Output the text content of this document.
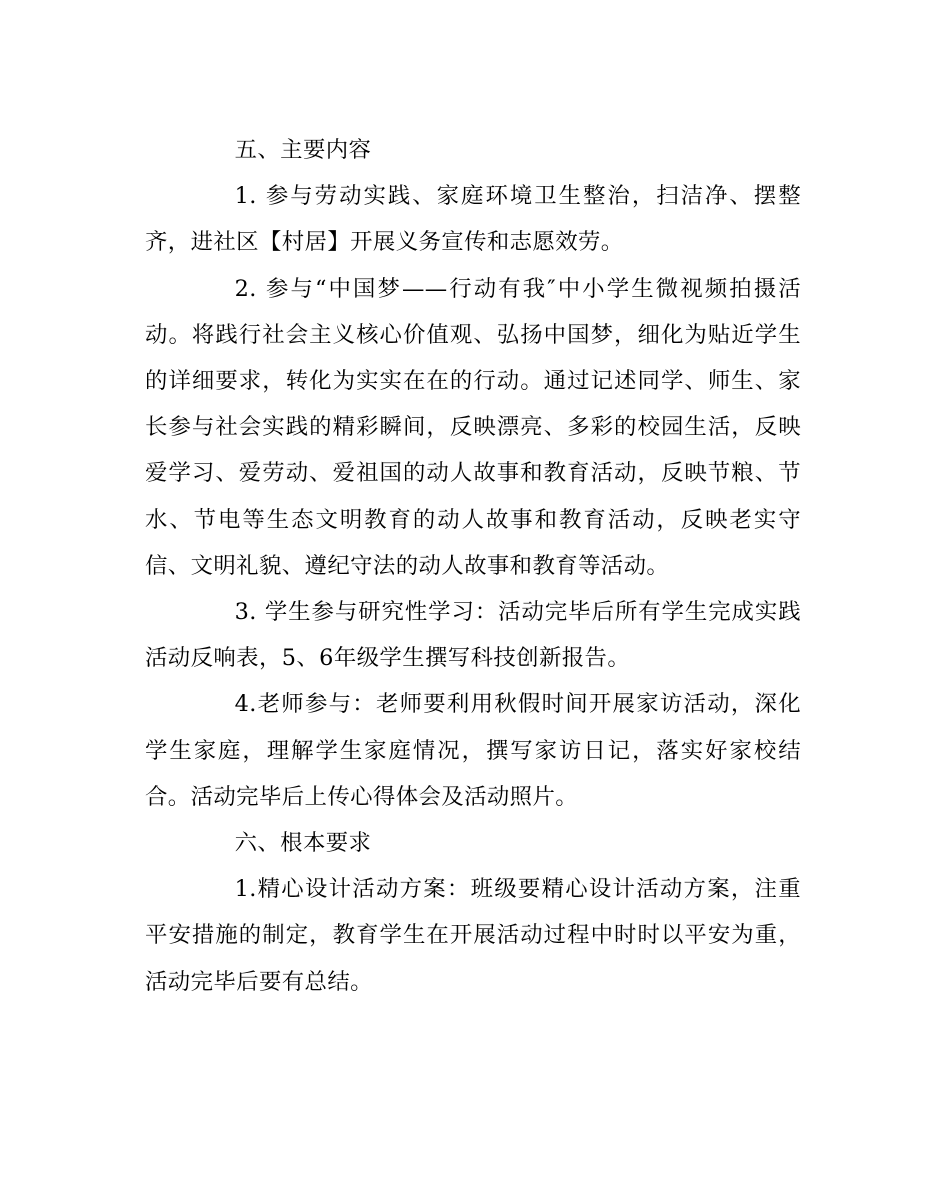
五、主要内容

1. 参与劳动实践、家庭环境卫生整治，扫洁净、摆整齐，进社区【村居】开展义务宣传和志愿效劳。

2. 参与“中国梦——行动有我″中小学生微视频拍摄活动。将践行社会主义核心价值观、弘扬中国梦，细化为贴近学生的详细要求，转化为实实在在的行动。通过记述同学、师生、家长参与社会实践的精彩瞬间，反映漂亮、多彩的校园生活，反映爱学习、爱劳动、爱祖国的动人故事和教育活动，反映节粮、节水、节电等生态文明教育的动人故事和教育活动，反映老实守信、文明礼貌、遵纪守法的动人故事和教育等活动。

3. 学生参与研究性学习：活动完毕后所有学生完成实践活动反响表，5、6年级学生撰写科技创新报告。

4.老师参与：老师要利用秋假时间开展家访活动，深化学生家庭，理解学生家庭情况，撰写家访日记，落实好家校结合。活动完毕后上传心得体会及活动照片。

六、根本要求

1.精心设计活动方案：班级要精心设计活动方案，注重平安措施的制定，教育学生在开展活动过程中时时以平安为重，活动完毕后要有总结。
